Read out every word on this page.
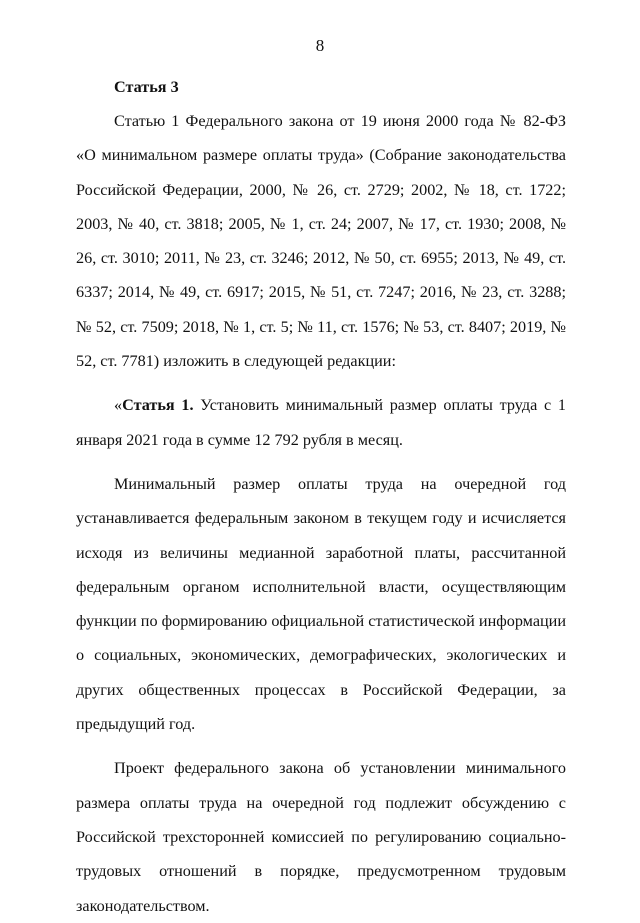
8
Статья 3

Статью 1 Федерального закона от 19 июня 2000 года № 82-ФЗ «О минимальном размере оплаты труда» (Собрание законодательства Российской Федерации, 2000, № 26, ст. 2729; 2002, № 18, ст. 1722; 2003, № 40, ст. 3818; 2005, № 1, ст. 24; 2007, № 17, ст. 1930; 2008, № 26, ст. 3010; 2011, № 23, ст. 3246; 2012, № 50, ст. 6955; 2013, № 49, ст. 6337; 2014, № 49, ст. 6917; 2015, № 51, ст. 7247; 2016, № 23, ст. 3288; № 52, ст. 7509; 2018, № 1, ст. 5; № 11, ст. 1576; № 53, ст. 8407; 2019, № 52, ст. 7781) изложить в следующей редакции:

«Статья 1. Установить минимальный размер оплаты труда с 1 января 2021 года в сумме 12 792 рубля в месяц.

Минимальный размер оплаты труда на очередной год устанавливается федеральным законом в текущем году и исчисляется исходя из величины медианной заработной платы, рассчитанной федеральным органом исполнительной власти, осуществляющим функции по формированию официальной статистической информации о социальных, экономических, демографических, экологических и других общественных процессах в Российской Федерации, за предыдущий год.

Проект федерального закона об установлении минимального размера оплаты труда на очередной год подлежит обсуждению с Российской трехсторонней комиссией по регулированию социально-трудовых отношений в порядке, предусмотренном трудовым законодательством.
